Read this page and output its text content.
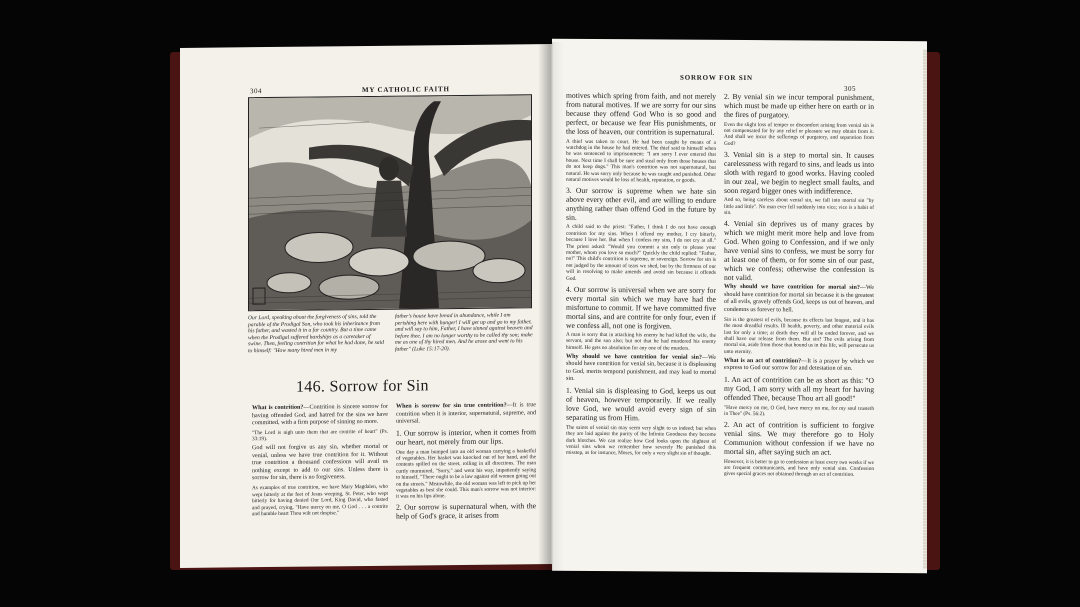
304	MY CATHOLIC FAITH
Our Lord, speaking about the forgiveness of sins, told the parable of the Prodigal Son, who took his inheritance from his father, and wasted it in a far country. But a time came when the Prodigal suffered hardships as a caretaker of swine. Then, feeling contrition for what he had done, he said to himself: "How many hired men in my
father's house have bread in abundance, while I am perishing here with hunger! I will get up and go to my father, and will say to him, Father, I have sinned against heaven and before thee. I am no longer worthy to be called thy son; make me as one of thy hired men. And he arose and went to his father" (Luke 15:17-20).
146. Sorrow for Sin

What is contrition?—Contrition is sincere sorrow for having offended God, and hatred for the sins we have committed, with a firm purpose of sinning no more.

"The Lord is nigh unto them that are contrite of heart" (Ps. 33:19).

God will not forgive us any sin, whether mortal or venial, unless we have true contrition for it. Without true contrition a thousand confessions will avail us nothing except to add to our sins. Unless there is sorrow for sin, there is no forgiveness.

As examples of true contrition, we have Mary Magdalen, who wept bitterly at the feet of Jesus weeping, St. Peter, who wept bitterly for having denied Our Lord, King David, who fasted and prayed, crying, "Have mercy on me, O God . . . a contrite and humble heart Thou wilt not despise."

When is sorrow for sin true contrition?—It is true contrition when it is interior, supernatural, supreme, and universal.

1. Our sorrow is interior, when it comes from our heart, not merely from our lips.

One day a man bumped into an old woman carrying a basketful of vegetables. Her basket was knocked out of her hand, and the contents spilled on the street, rolling in all directions. The man curtly murmured, "Sorry," and went his way, impatiently saying to himself, "There ought to be a law against old women going out on the streets." Meanwhile, the old woman was left to pick up her vegetables as best she could. This man's sorrow was not interior: it was on his lips alone.

2. Our sorrow is supernatural when, with the help of God's grace, it arises from

SORROW FOR SIN
305

motives which spring from faith, and not merely from natural motives. If we are sorry for our sins because they offend God Who is so good and perfect, or because we fear His punishments, or the loss of heaven, our contrition is supernatural.

A thief was taken to court. He had been caught by means of a watchdog in the house he had entered. The thief said to himself when he was sentenced to imprisonment: "I am sorry I ever entered that house. Next time I shall be sure and steal only from those houses that do not keep dogs." This man's contrition was not supernatural, but natural. He was sorry only because he was caught and punished. Other natural motives would be loss of health, reputation, or goods.

3. Our sorrow is supreme when we hate sin above every other evil, and are willing to endure anything rather than offend God in the future by sin.

A child said to the priest: "Father, I think I do not have enough contrition for my sins. When I offend my mother, I cry bitterly, because I love her. But when I confess my sins, I do not cry at all." The priest asked: "Would you commit a sin only to please your mother, whom you love so much?" Quickly the child replied: "Father, no!" This child's contrition is supreme, or sovereign. Sorrow for sin is not judged by the amount of tears we shed, but by the firmness of our will in resolving to make amends and avoid sin because it offends God.

4. Our sorrow is universal when we are sorry for every mortal sin which we may have had the misfortune to commit. If we have committed five mortal sins, and are contrite for only four, even if we confess all, not one is forgiven.

A man is sorry that in attacking his enemy he had killed the wife, the servant, and the son also; but not that he had murdered his enemy himself. He gets no absolution for any one of the murders.

Why should we have contrition for venial sin?—We should have contrition for venial sin, because it is displeasing to God, merits temporal punishment, and may lead to mortal sin.

1. Venial sin is displeasing to God, keeps us out of heaven, however temporarily. If we really love God, we would avoid every sign of sin separating us from Him.

The saints of venial sin may seem very slight to us indeed; but when they are laid against the purity of the Infinite Goodness they become dark blotches. We can realize how God looks upon the slightest of venial sins when we remember how severely He punished this misstep, as for instance, Moses, for only a very slight sin of thought.

2. By venial sin we incur temporal punishment, which must be made up either here on earth or in the fires of purgatory.

Even the slight loss of temper or discomfort arising from venial sin is not compensated for by any relief or pleasure we may obtain from it. And shall we incur the sufferings of purgatory, and separation from God?

3. Venial sin is a step to mortal sin. It causes carelessness with regard to sins, and leads us into sloth with regard to good works. Having cooled in our zeal, we begin to neglect small faults, and soon regard bigger ones with indifference.

And so, being careless about venial sin, we fall into mortal sin "by little and little". No man ever fell suddenly into vice; vice is a habit of sin.

4. Venial sin deprives us of many graces by which we might merit more help and love from God. When going to Confession, and if we only have venial sins to confess, we must be sorry for at least one of them, or for some sin of our past, which we confess; otherwise the confession is not valid.

Why should we have contrition for mortal sin?—We should have contrition for mortal sin because it is the greatest of all evils, gravely offends God, keeps us out of heaven, and condemns us forever to hell.

Sin is the greatest of evils, because its effects last longest, and it has the most dreadful results. Ill health, poverty, and other material evils last for only a time; at death they will all be ended forever, and we shall have our release from them. But sin? The evils arising from mortal sin, aside from those that hound us in this life, will persecute us unto eternity.

What is an act of contrition?—It is a prayer by which we express to God our sorrow for and detestation of sin.

1. An act of contrition can be as short as this: "O my God, I am sorry with all my heart for having offended Thee, because Thou art all good!"

"Have mercy on me, O God, have mercy on me, for my soul trusteth in Thee" (Ps. 56:2).

2. An act of contrition is sufficient to forgive venial sins. We may therefore go to Holy Communion without confession if we have no mortal sin, after saying such an act.

However, it is better to go to confession at least every two weeks if we are frequent communicants, and have only venial sins. Confession gives special graces not obtained through an act of contrition.
